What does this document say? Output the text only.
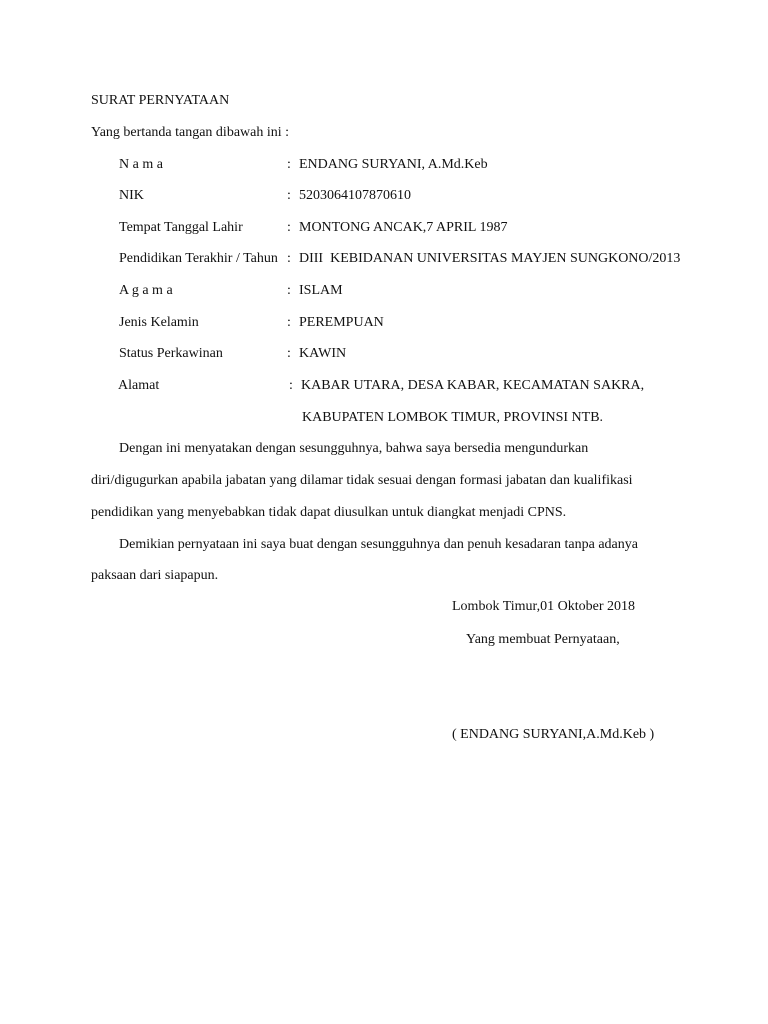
SURAT PERNYATAAN
Yang bertanda tangan dibawah ini :
N a m a	: ENDANG SURYANI, A.Md.Keb
NIK	: 5203064107870610
Tempat Tanggal Lahir	: MONTONG ANCAK,7 APRIL 1987
Pendidikan Terakhir / Tahun : DIII  KEBIDANAN UNIVERSITAS MAYJEN SUNGKONO/2013
A g a m a	: ISLAM
Jenis Kelamin	: PEREMPUAN
Status Perkawinan	: KAWIN
Alamat	: KABAR UTARA, DESA KABAR, KECAMATAN SAKRA,
KABUPATEN LOMBOK TIMUR, PROVINSI NTB.
Dengan ini menyatakan dengan sesungguhnya, bahwa saya bersedia mengundurkan
diri/digugurkan apabila jabatan yang dilamar tidak sesuai dengan formasi jabatan dan kualifikasi
pendidikan yang menyebabkan tidak dapat diusulkan untuk diangkat menjadi CPNS.
Demikian pernyataan ini saya buat dengan sesungguhnya dan penuh kesadaran tanpa adanya
paksaan dari siapapun.
Lombok Timur,01 Oktober 2018
Yang membuat Pernyataan,
( ENDANG SURYANI,A.Md.Keb )
